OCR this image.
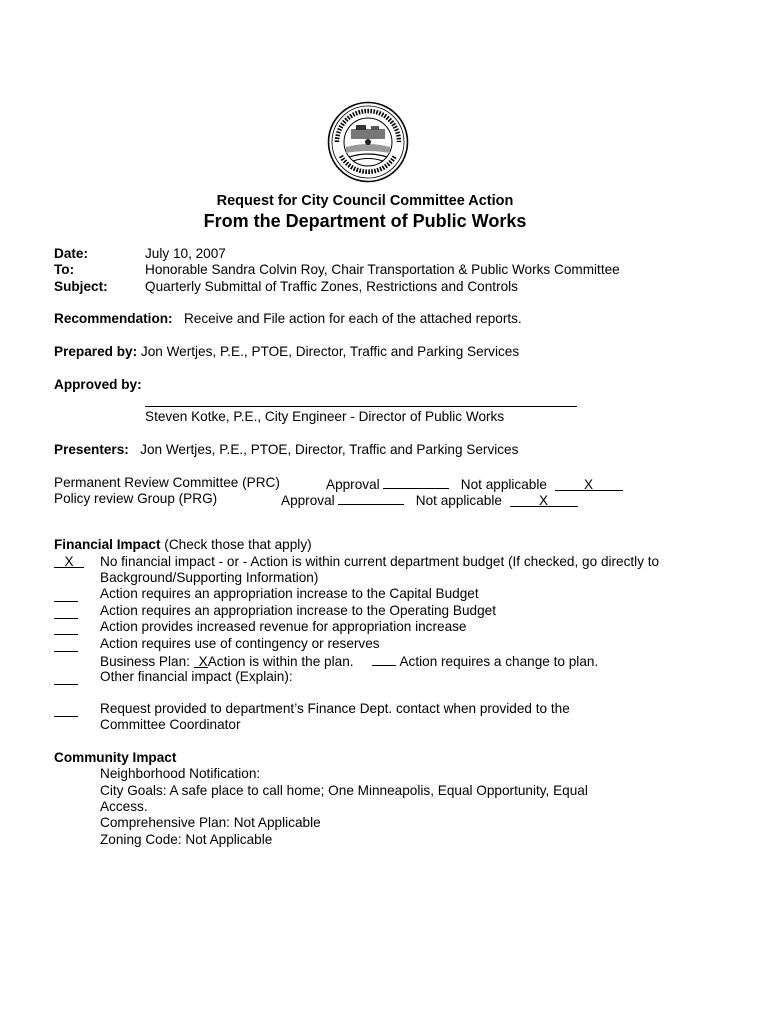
Request for City Council Committee Action
From the Department of Public Works
Date:	July 10, 2007
To:	Honorable Sandra Colvin Roy, Chair Transportation & Public Works Committee
Subject:	Quarterly Submittal of Traffic Zones, Restrictions and Controls
Recommendation: Receive and File action for each of the attached reports.
Prepared by: Jon Wertjes, P.E., PTOE, Director, Traffic and Parking Services
Approved by:
Steven Kotke, P.E., City Engineer - Director of Public Works
Presenters: Jon Wertjes, P.E., PTOE, Director, Traffic and Parking Services
Permanent Review Committee (PRC)	Approval	Not applicable	X
Policy review Group (PRG)	Approval	Not applicable	X
Financial Impact (Check those that apply)
X	No financial impact - or - Action is within current department budget (If checked, go directly to
Background/Supporting Information)
Action requires an appropriation increase to the Capital Budget
Action requires an appropriation increase to the Operating Budget
Action provides increased revenue for appropriation increase
Action requires use of contingency or reserves
Business Plan: XAction is within the plan.	Action requires a change to plan.
Other financial impact (Explain):
Request provided to department’s Finance Dept. contact when provided to the
Committee Coordinator
Community Impact
Neighborhood Notification:
City Goals: A safe place to call home; One Minneapolis, Equal Opportunity, Equal
Access.
Comprehensive Plan: Not Applicable
Zoning Code: Not Applicable
